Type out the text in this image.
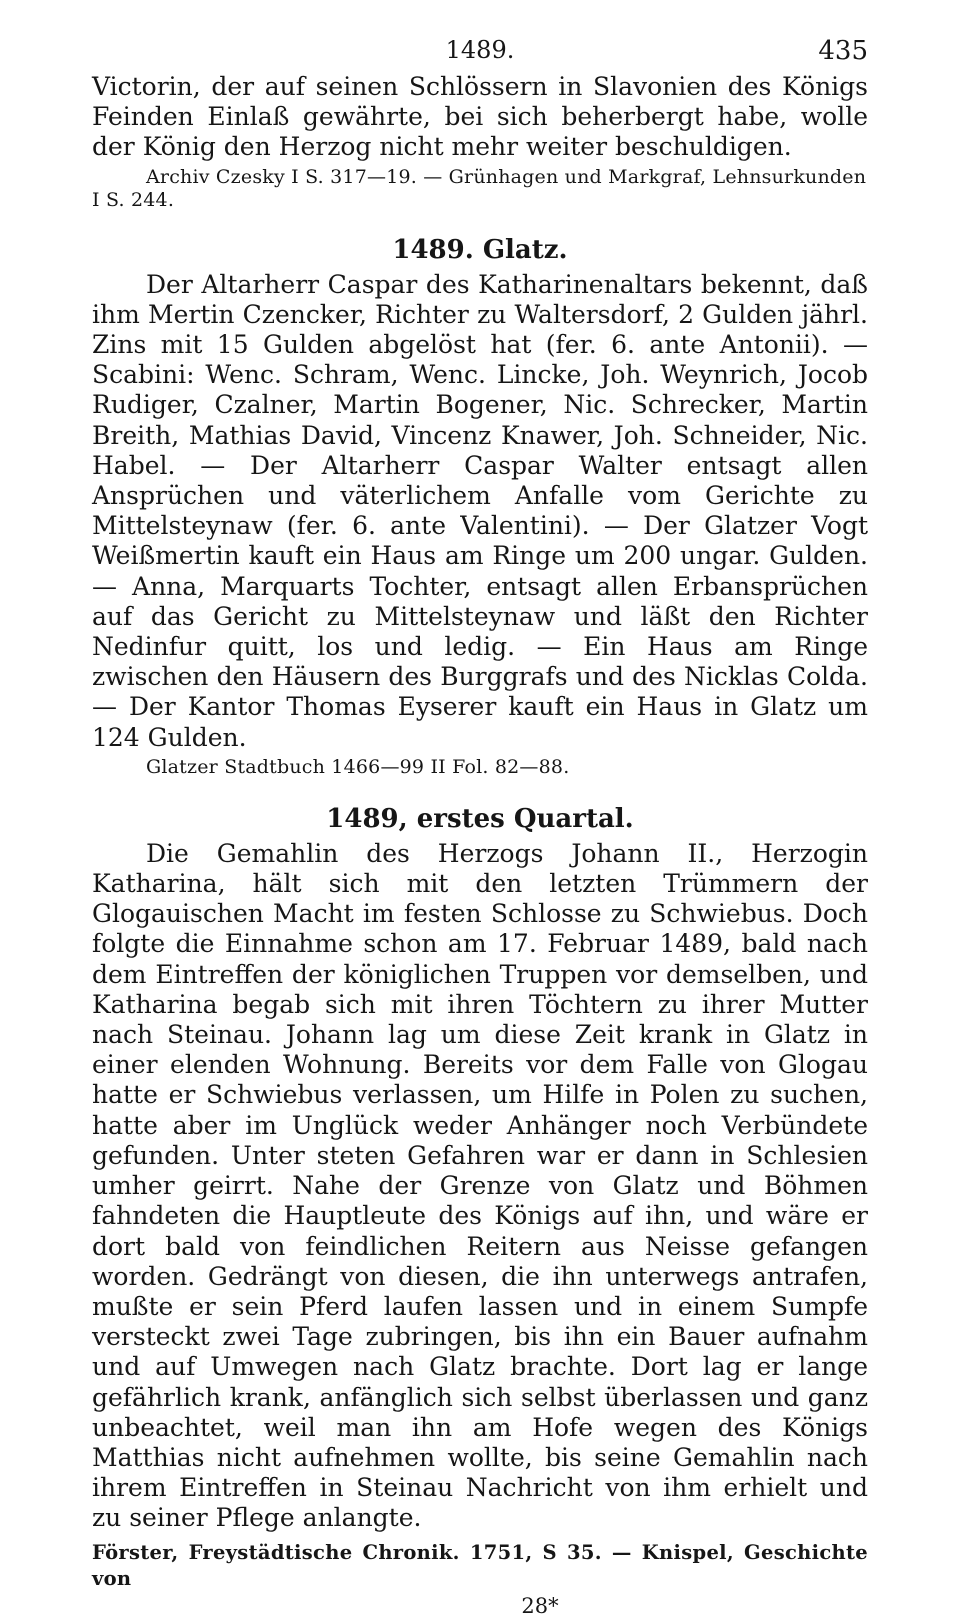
1489.	435

Victorin, der auf seinen Schlössern in Slavonien des Königs Feinden Einlaß gewährte, bei sich beherbergt habe, wolle der König den Herzog nicht mehr weiter beschuldigen.

Archiv Czesky I S. 317—19. — Grünhagen und Markgraf, Lehnsurkunden I S. 244.

1489. Glatz.

Der Altarherr Caspar des Katharinenaltars bekennt, daß ihm Mertin Czencker, Richter zu Waltersdorf, 2 Gulden jährl. Zins mit 15 Gulden abgelöst hat (fer. 6. ante Antonii). — Scabini: Wenc. Schram, Wenc. Lincke, Joh. Weynrich, Jocob Rudiger, Czalner, Martin Bogener, Nic. Schrecker, Martin Breith, Mathias David, Vincenz Knawer, Joh. Schneider, Nic. Habel. — Der Altarherr Caspar Walter entsagt allen Ansprüchen und väterlichem Anfalle vom Gerichte zu Mittelsteynaw (fer. 6. ante Valentini). — Der Glatzer Vogt Weißmertin kauft ein Haus am Ringe um 200 ungar. Gulden. — Anna, Marquarts Tochter, entsagt allen Erbansprüchen auf das Gericht zu Mittelsteynaw und läßt den Richter Nedinfur quitt, los und ledig. — Ein Haus am Ringe zwischen den Häusern des Burggrafs und des Nicklas Colda. — Der Kantor Thomas Eyserer kauft ein Haus in Glatz um 124 Gulden.

Glatzer Stadtbuch 1466—99 II Fol. 82—88.

1489, erstes Quartal.

Die Gemahlin des Herzogs Johann II., Herzogin Katharina, hält sich mit den letzten Trümmern der Glogauischen Macht im festen Schlosse zu Schwiebus. Doch folgte die Einnahme schon am 17. Februar 1489, bald nach dem Eintreffen der königlichen Truppen vor demselben, und Katharina begab sich mit ihren Töchtern zu ihrer Mutter nach Steinau. Johann lag um diese Zeit krank in Glatz in einer elenden Wohnung. Bereits vor dem Falle von Glogau hatte er Schwiebus verlassen, um Hilfe in Polen zu suchen, hatte aber im Unglück weder Anhänger noch Verbündete gefunden. Unter steten Gefahren war er dann in Schlesien umher geirrt. Nahe der Grenze von Glatz und Böhmen fahndeten die Hauptleute des Königs auf ihn, und wäre er dort bald von feindlichen Reitern aus Neisse gefangen worden. Gedrängt von diesen, die ihn unterwegs antrafen, mußte er sein Pferd laufen lassen und in einem Sumpfe versteckt zwei Tage zubringen, bis ihn ein Bauer aufnahm und auf Umwegen nach Glatz brachte. Dort lag er lange gefährlich krank, anfänglich sich selbst überlassen und ganz unbeachtet, weil man ihn am Hofe wegen des Königs Matthias nicht aufnehmen wollte, bis seine Gemahlin nach ihrem Eintreffen in Steinau Nachricht von ihm erhielt und zu seiner Pflege anlangte.

Förster, Freystädtische Chronik. 1751, S 35. — Knispel, Geschichte von

28*
